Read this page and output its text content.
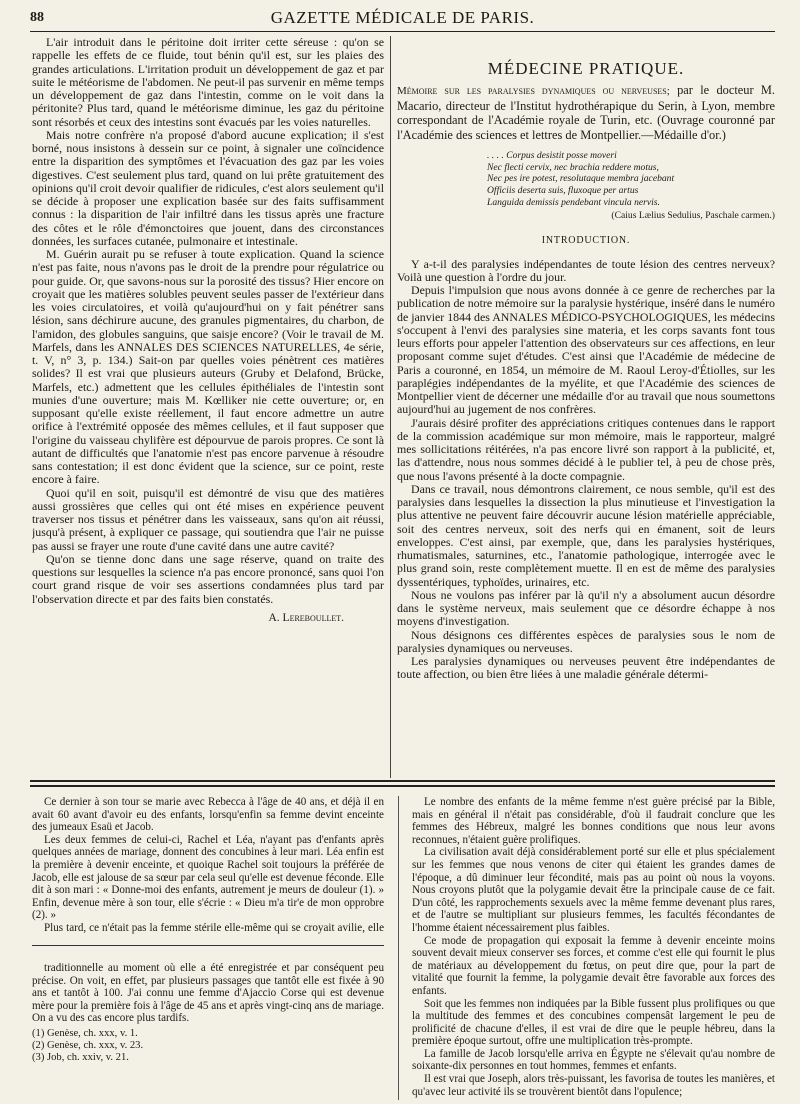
88	GAZETTE MÉDICALE DE PARIS.

L'air introduit dans le péritoine doit irriter cette séreuse : qu'on se rappelle les effets de ce fluide, tout bénin qu'il est, sur les plaies des grandes articulations. L'irritation produit un développement de gaz et par suite le météorisme de l'abdomen. Ne peut-il pas survenir en même temps un développement de gaz dans l'intestin, comme on le voit dans la péritonite? Plus tard, quand le météorisme diminue, les gaz du péritoine sont résorbés et ceux des intestins sont évacués par les voies naturelles.

Mais notre confrère n'a proposé d'abord aucune explication; il s'est borné, nous insistons à dessein sur ce point, à signaler une coïncidence entre la disparition des symptômes et l'évacuation des gaz par les voies digestives. C'est seulement plus tard, quand on lui prête gratuitement des opinions qu'il croit devoir qualifier de ridicules, c'est alors seulement qu'il se décide à proposer une explication basée sur des faits suffisamment connus : la disparition de l'air infiltré dans les tissus après une fracture des côtes et le rôle d'émonctoires que jouent, dans des circonstances données, les surfaces cutanée, pulmonaire et intestinale.

M. Guérin aurait pu se refuser à toute explication. Quand la science n'est pas faite, nous n'avons pas le droit de la prendre pour régulatrice ou pour guide. Or, que savons-nous sur la porosité des tissus? Hier encore on croyait que les matières solubles peuvent seules passer de l'extérieur dans les voies circulatoires, et voilà qu'aujourd'hui on y fait pénétrer sans lésion, sans déchirure aucune, des granules pigmentaires, du charbon, de l'amidon, des globules sanguins, que saisje encore? (Voir le travail de M. Marfels, dans les ANNALES DES SCIENCES NATURELLES, 4e série, t. V, n° 3, p. 134.) Sait-on par quelles voies pénètrent ces matières solides? Il est vrai que plusieurs auteurs (Gruby et Delafond, Brücke, Marfels, etc.) admettent que les cellules épithéliales de l'intestin sont munies d'une ouverture; mais M. Kœlliker nie cette ouverture; or, en supposant qu'elle existe réellement, il faut encore admettre un autre orifice à l'extrémité opposée des mêmes cellules, et il faut supposer que l'origine du vaisseau chylifère est dépourvue de parois propres. Ce sont là autant de difficultés que l'anatomie n'est pas encore parvenue à résoudre sans contestation; il est donc évident que la science, sur ce point, reste encore à faire.

Quoi qu'il en soit, puisqu'il est démontré de visu que des matières aussi grossières que celles qui ont été mises en expérience peuvent traverser nos tissus et pénétrer dans les vaisseaux, sans qu'on ait réussi, jusqu'à présent, à expliquer ce passage, qui soutiendra que l'air ne puisse pas aussi se frayer une route d'une cavité dans une autre cavité?

Qu'on se tienne donc dans une sage réserve, quand on traite des questions sur lesquelles la science n'a pas encore prononcé, sans quoi l'on court grand risque de voir ses assertions condamnées plus tard par l'observation directe et par des faits bien constatés.

A. Lereboullet.
MÉDECINE PRATIQUE.
Mémoire sur les paralysies dynamiques ou nerveuses; par le docteur M. Macario, directeur de l'Institut hydrothérapique du Serin, à Lyon, membre correspondant de l'Académie royale de Turin, etc. (Ouvrage couronné par l'Académie des sciences et lettres de Montpellier.—Médaille d'or.)
. . . . Corpus desistit posse moveri
Nec flecti cervix, nec brachia reddere motus,
Nec pes ire potest, resolutaque membra jacebant
Officiis deserta suis, fluxoque per artus
Languida demissis pendebant vincula nervis.
(Caius Lælius Sedulius, Paschale carmen.)
INTRODUCTION.

Y a-t-il des paralysies indépendantes de toute lésion des centres nerveux? Voilà une question à l'ordre du jour.

Depuis l'impulsion que nous avons donnée à ce genre de recherches par la publication de notre mémoire sur la paralysie hystérique, inséré dans le numéro de janvier 1844 des ANNALES MÉDICO-PSYCHOLOGIQUES, les médecins s'occupent à l'envi des paralysies sine materia, et les corps savants font tous leurs efforts pour appeler l'attention des observateurs sur ces affections, en leur proposant comme sujet d'études. C'est ainsi que l'Académie de médecine de Paris a couronné, en 1854, un mémoire de M. Raoul Leroy-d'Étiolles, sur les paraplégies indépendantes de la myélite, et que l'Académie des sciences de Montpellier vient de décerner une médaille d'or au travail que nous soumettons aujourd'hui au jugement de nos confrères.

J'aurais désiré profiter des appréciations critiques contenues dans le rapport de la commission académique sur mon mémoire, mais le rapporteur, malgré mes sollicitations réitérées, n'a pas encore livré son rapport à la publicité, et, las d'attendre, nous nous sommes décidé à le publier tel, à peu de chose près, que nous l'avons présenté à la docte compagnie.

Dans ce travail, nous démontrons clairement, ce nous semble, qu'il est des paralysies dans lesquelles la dissection la plus minutieuse et l'investigation la plus attentive ne peuvent faire découvrir aucune lésion matérielle appréciable, soit des centres nerveux, soit des nerfs qui en émanent, soit de leurs enveloppes. C'est ainsi, par exemple, que, dans les paralysies hystériques, rhumatismales, saturnines, etc., l'anatomie pathologique, interrogée avec le plus grand soin, reste complètement muette. Il en est de même des paralysies dyssentériques, typhoïdes, urinaires, etc.

Nous ne voulons pas inférer par là qu'il n'y a absolument aucun désordre dans le système nerveux, mais seulement que ce désordre échappe à nos moyens d'investigation.

Nous désignons ces différentes espèces de paralysies sous le nom de paralysies dynamiques ou nerveuses.

Les paralysies dynamiques ou nerveuses peuvent être indépendantes de toute affection, ou bien être liées à une maladie générale détermi-

Ce dernier à son tour se marie avec Rebecca à l'âge de 40 ans, et déjà il en avait 60 avant d'avoir eu des enfants, lorsqu'enfin sa femme devint enceinte des jumeaux Esaü et Jacob.

Les deux femmes de celui-ci, Rachel et Léa, n'ayant pas d'enfants après quelques années de mariage, donnent des concubines à leur mari. Léa enfin est la première à devenir enceinte, et quoique Rachel soit toujours la préférée de Jacob, elle est jalouse de sa sœur par cela seul qu'elle est devenue féconde. Elle dit à son mari : « Donne-moi des enfants, autrement je meurs de douleur (1). » Enfin, devenue mère à son tour, elle s'écrie : « Dieu m'a tir'e de mon opprobre (2). »

Plus tard, ce n'était pas la femme stérile elle-même qui se croyait avilie, elle

traditionnelle au moment où elle a été enregistrée et par conséquent peu précise. On voit, en effet, par plusieurs passages que tantôt elle est fixée à 90 ans et tantôt à 100. J'ai connu une femme d'Ajaccio Corse qui est devenue mère pour la première fois à l'âge de 45 ans et après vingt-cinq ans de mariage. On a vu des cas encore plus tardifs.

(1) Genèse, ch. xxx, v. 1.
(2) Genèse, ch. xxx, v. 23.
(3) Job, ch. xxiv, v. 21.

Le nombre des enfants de la même femme n'est guère précisé par la Bible, mais en général il n'était pas considérable, d'où il faudrait conclure que les femmes des Hébreux, malgré les bonnes conditions que nous leur avons reconnues, n'étaient guère prolifiques.

La civilisation avait déjà considérablement porté sur elle et plus spécialement sur les femmes que nous venons de citer qui étaient les grandes dames de l'époque, a dû diminuer leur fécondité, mais pas au point où nous la voyons. Nous croyons plutôt que la polygamie devait être la principale cause de ce fait. D'un côté, les rapprochements sexuels avec la même femme devenant plus rares, et de l'autre se multipliant sur plusieurs femmes, les facultés fécondantes de l'homme étaient nécessairement plus faibles.

Ce mode de propagation qui exposait la femme à devenir enceinte moins souvent devait mieux conserver ses forces, et comme c'est elle qui fournit le plus de matériaux au développement du fœtus, on peut dire que, pour la part de vitalité que fournit la femme, la polygamie devait être favorable aux forces des enfants.

Soit que les femmes non indiquées par la Bible fussent plus prolifiques ou que la multitude des femmes et des concubines compensât largement le peu de prolificité de chacune d'elles, il est vrai de dire que le peuple hébreu, dans la première époque surtout, offre une multiplication très-prompte.

La famille de Jacob lorsqu'elle arriva en Égypte ne s'élevait qu'au nombre de soixante-dix personnes en tout hommes, femmes et enfants.

Il est vrai que Joseph, alors très-puissant, les favorisa de toutes les manières, et qu'avec leur activité ils se trouvèrent bientôt dans l'opulence;
